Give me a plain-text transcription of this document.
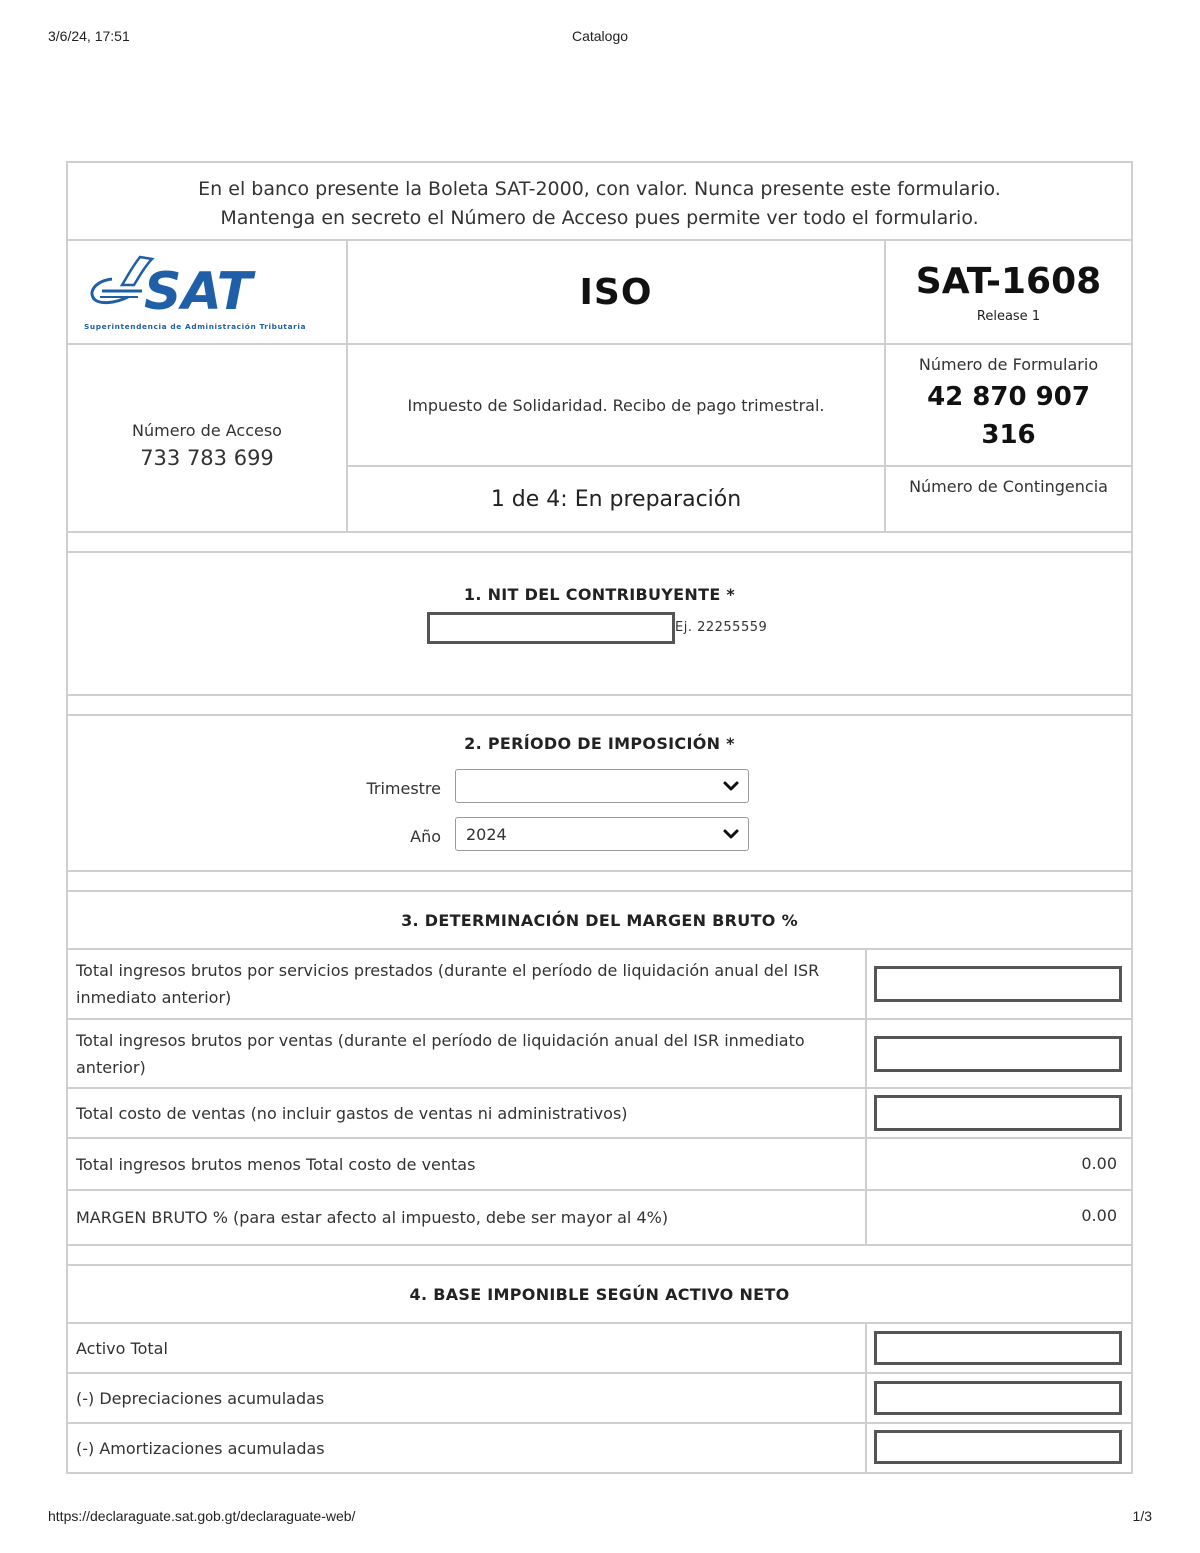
3/6/24, 17:51	Catalogo
En el banco presente la Boleta SAT-2000, con valor. Nunca presente este formulario.
Mantenga en secreto el Número de Acceso pues permite ver todo el formulario.
SAT
Superintendencia de Administración Tributaria
ISO	SAT-1608
Release 1
Número de Acceso
733 783 699
Impuesto de Solidaridad. Recibo de pago trimestral.
Número de Formulario
42 870 907
316
1 de 4: En preparación	Número de Contingencia
1. NIT DEL CONTRIBUYENTE *
Ej. 22255559
2. PERÍODO DE IMPOSICIÓN *
Trimestre
Año	2024
3. DETERMINACIÓN DEL MARGEN BRUTO %
Total ingresos brutos por servicios prestados (durante el período de liquidación anual del ISR inmediato anterior)
Total ingresos brutos por ventas (durante el período de liquidación anual del ISR inmediato anterior)
Total costo de ventas (no incluir gastos de ventas ni administrativos)
Total ingresos brutos menos Total costo de ventas	0.00
MARGEN BRUTO % (para estar afecto al impuesto, debe ser mayor al 4%)	0.00
4. BASE IMPONIBLE SEGÚN ACTIVO NETO
Activo Total
(-) Depreciaciones acumuladas
(-) Amortizaciones acumuladas
https://declaraguate.sat.gob.gt/declaraguate-web/	1/3
